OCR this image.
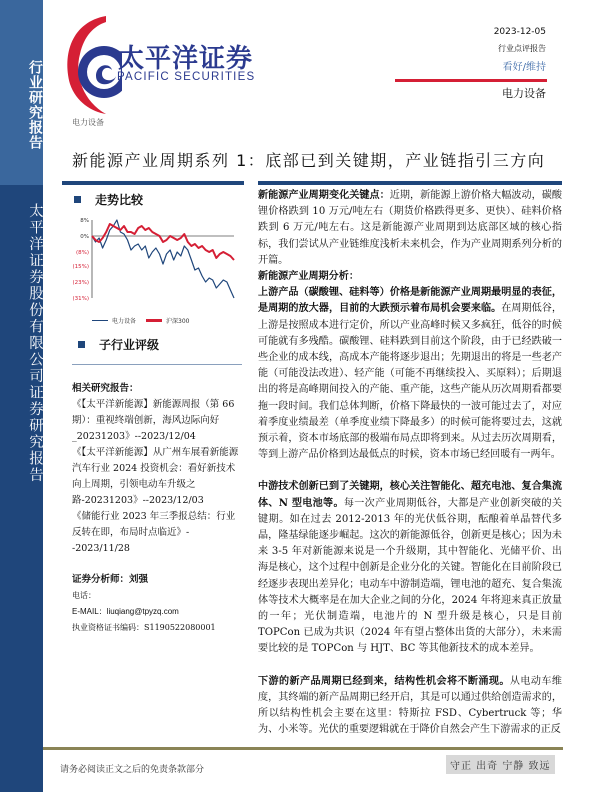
行业研究报告
太平洋证券股份有限公司证券研究报告
太平洋证券
PACIFIC SECURITIES
2023-12-05
行业点评报告
看好/维持
电力设备
电力设备
新能源产业周期系列 1：底部已到关键期，产业链指引三方向
走势比较
8%
0%
(8%)
(15%)
(23%)
(31%)
电力设备	沪深300
子行业评级
相关研究报告：
《【太平洋新能源】新能源周报（第 66 期）：重视终端创新，海风边际向好_20231203》--2023/12/04
《【太平洋新能源】从广州车展看新能源汽车行业 2024 投资机会：看好新技术向上周期，引领电动车升级之路-20231203》--2023/12/03
《储能行业 2023 年三季报总结：行业反转在即，布局时点临近》--2023/11/28
证券分析师：刘强
电话：
E-MAIL：liuqiang@tpyzq.com
执业资格证书编码：S1190522080001

新能源产业周期变化关键点：近期，新能源上游价格大幅波动，碳酸锂价格跌到 10 万元/吨左右（期货价格跌得更多、更快）、硅料价格跌到 6 万元/吨左右。这是新能源产业周期到达底部区域的核心指标，我们尝试从产业链维度浅析未来机会，作为产业周期系列分析的开篇。

新能源产业周期分析：

上游产品（碳酸锂、硅料等）价格是新能源产业周期最明显的表征，是周期的放大器，目前的大跌预示着布局机会要来临。在周期低谷，上游是按照成本进行定价，所以产业高峰时候又多疯狂，低谷的时候可能就有多残酷。碳酸锂、硅料跌到目前这个阶段，由于已经跌破一些企业的成本线，高成本产能将逐步退出；先期退出的将是一些老产能（可能没法改进）、轻产能（可能不再继续投入、买原料）；后期退出的将是高峰期间投入的产能、重产能，这些产能从历次周期看都要拖一段时间。我们总体判断，价格下降最快的一波可能过去了，对应着季度业绩最差（单季度业绩下降最多）的时候可能将要过去，这就预示着，资本市场底部的极端布局点即将到来。从过去历次周期看，等到上游产品价格到达最低点的时候，资本市场已经回暖有一两年。

中游技术创新已到了关键期，核心关注智能化、超充电池、复合集流体、N 型电池等。每一次产业周期低谷，大都是产业创新突破的关键期。如在过去 2012-2013 年的光伏低谷期，酝酿着单晶替代多晶，隆基绿能逐步崛起。这次的新能源低谷，创新更是核心；因为未来 3-5 年对新能源来说是一个升级期，其中智能化、光储平价、出海是核心，这个过程中创新是企业分化的关键。智能化在目前阶段已经逐步表现出差异化；电动车中游制造端，锂电池的超充、复合集流体等技术大概率是在加大企业之间的分化，2024 年将迎来真正放量的一年；光伏制造端，电池片的 N 型升级是核心，只是目前 TOPCon 已成为共识（2024 年有望占整体出货的大部分），未来需要比较的是 TOPCon 与 HJT、BC 等其他新技术的成本差异。

下游的新产品周期已经到来，结构性机会将不断涌现。从电动车维度，其终端的新产品周期已经开启，其是可以通过供给创造需求的，所以结构性机会主要在这里：特斯拉 FSD、Cybertruck 等；华为、小米等。光伏的重要逻辑就在于降价自然会产生下游需求的正反

请务必阅读正文之后的免责条款部分	守正 出奇 宁静 致远
